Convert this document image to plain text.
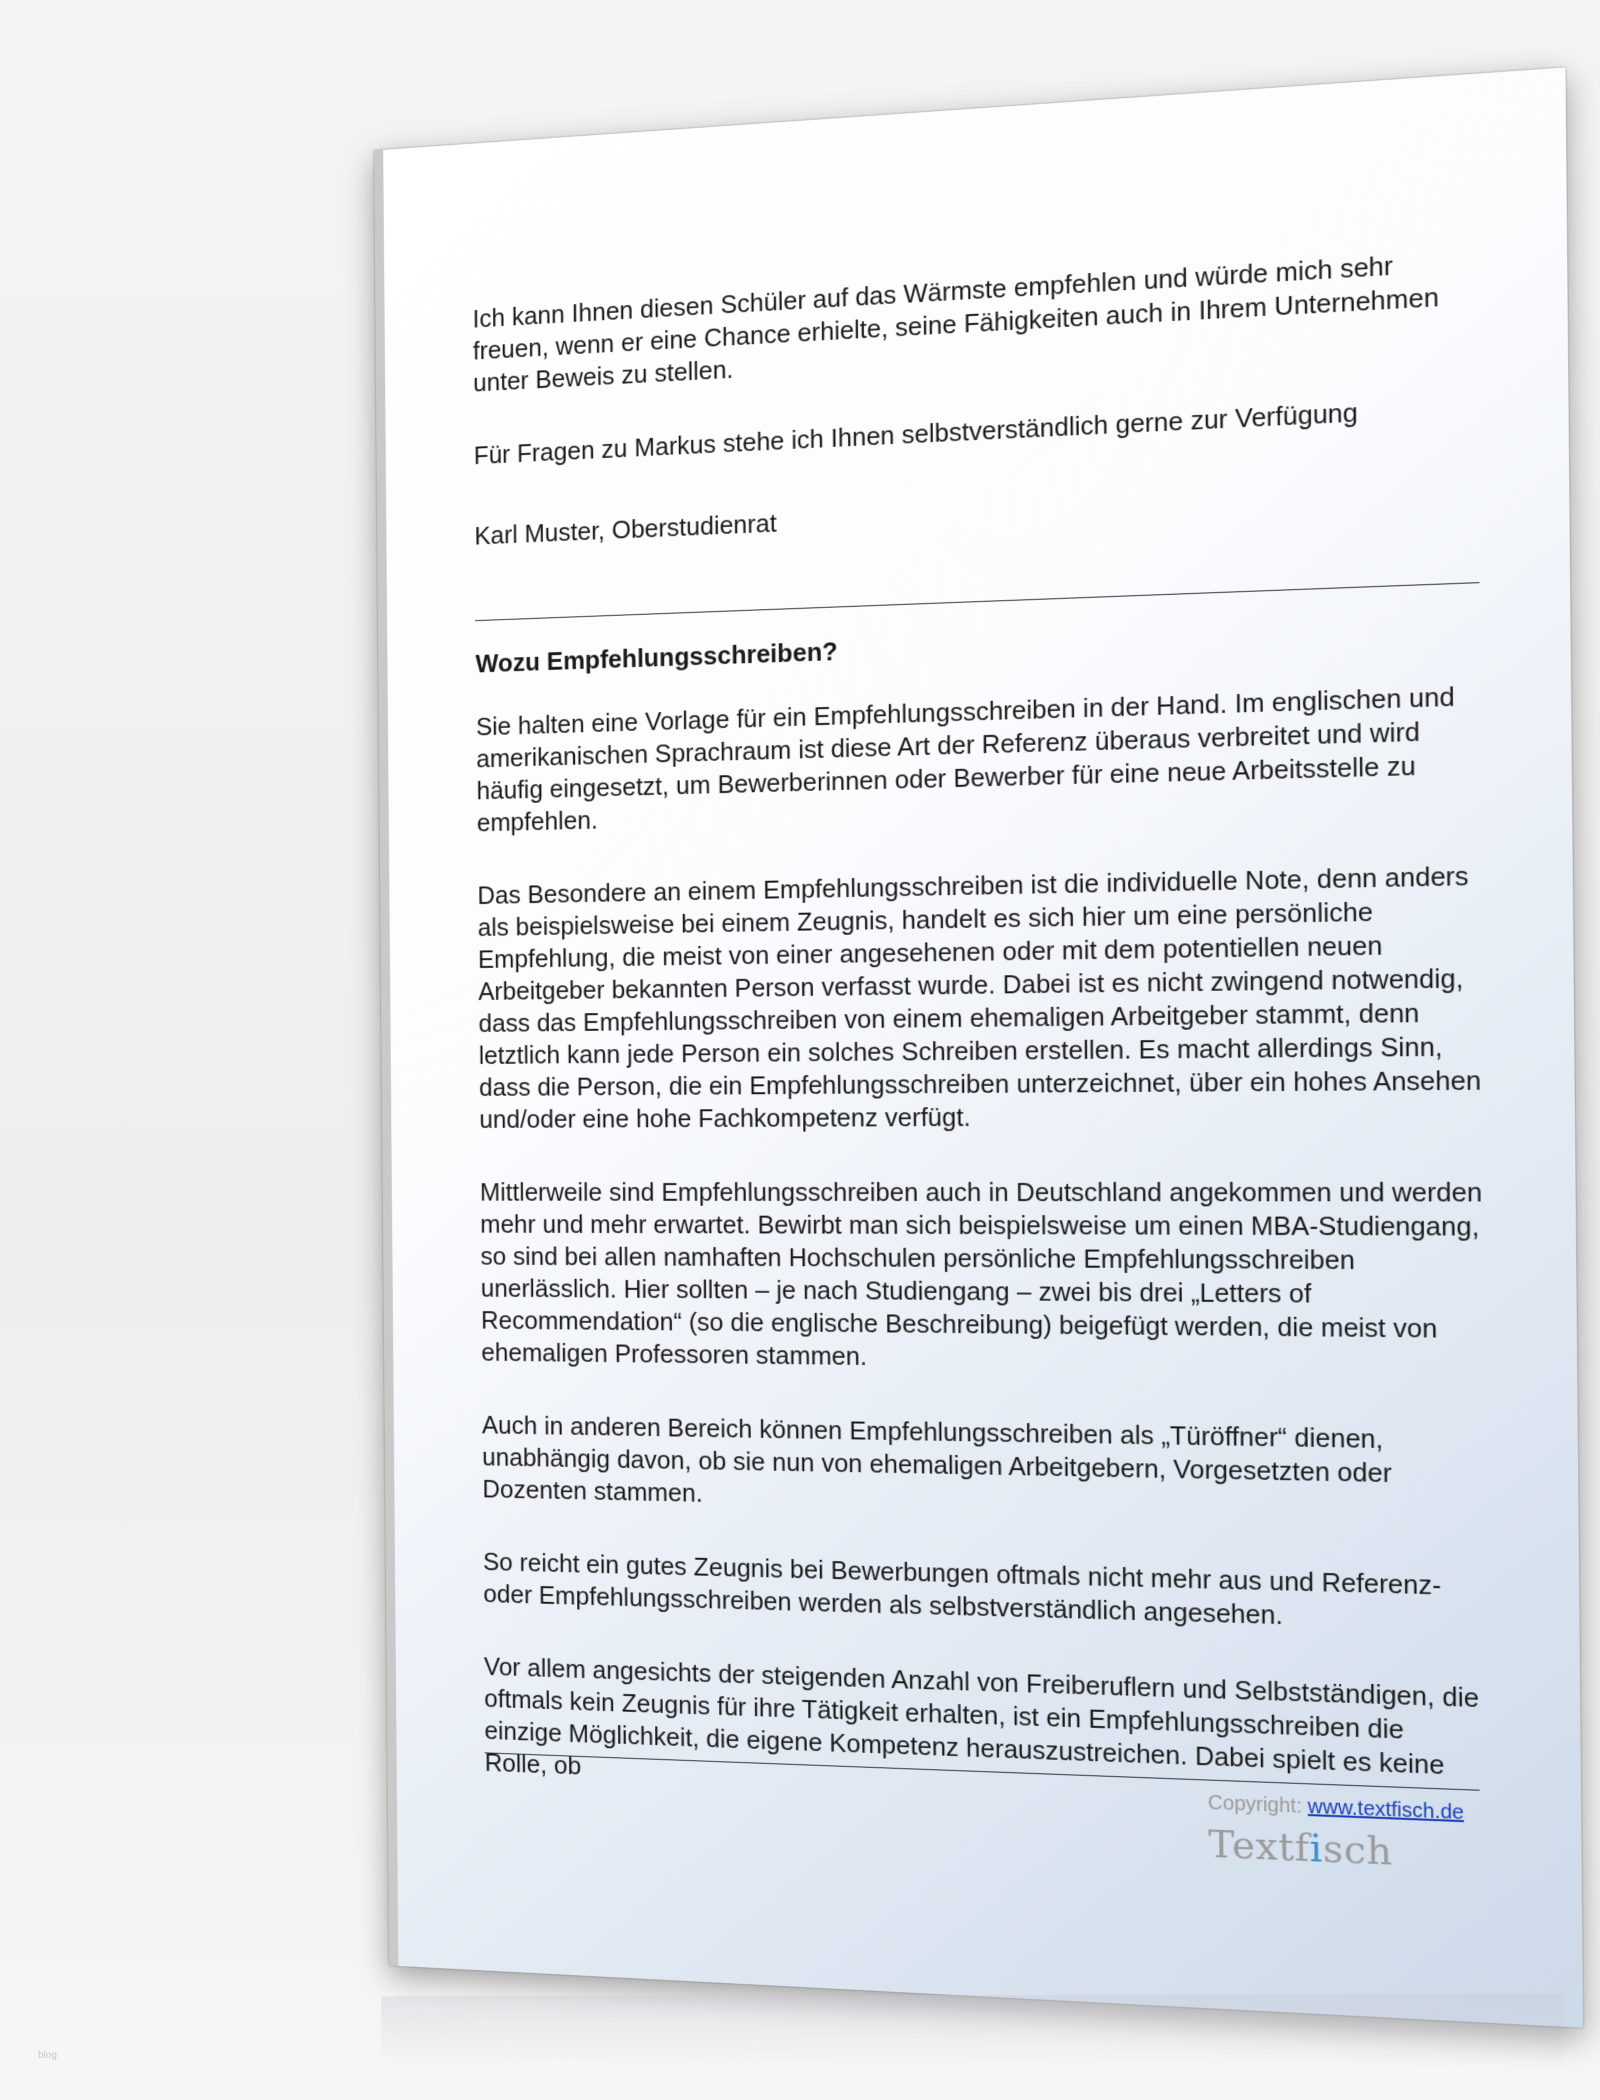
Ich kann Ihnen diesen Schüler auf das Wärmste empfehlen und würde mich sehr freuen, wenn er eine Chance erhielte, seine Fähigkeiten auch in Ihrem Unternehmen unter Beweis zu stellen.

Für Fragen zu Markus stehe ich Ihnen selbstverständlich gerne zur Verfügung

Karl Muster, Oberstudienrat

Wozu Empfehlungsschreiben?

Sie halten eine Vorlage für ein Empfehlungsschreiben in der Hand. Im englischen und amerikanischen Sprachraum ist diese Art der Referenz überaus verbreitet und wird häufig eingesetzt, um Bewerberinnen oder Bewerber für eine neue Arbeitsstelle zu empfehlen.

Das Besondere an einem Empfehlungsschreiben ist die individuelle Note, denn anders als beispielsweise bei einem Zeugnis, handelt es sich hier um eine persönliche Empfehlung, die meist von einer angesehenen oder mit dem potentiellen neuen Arbeitgeber bekannten Person verfasst wurde. Dabei ist es nicht zwingend notwendig, dass das Empfehlungsschreiben von einem ehemaligen Arbeitgeber stammt, denn letztlich kann jede Person ein solches Schreiben erstellen. Es macht allerdings Sinn, dass die Person, die ein Empfehlungsschreiben unterzeichnet, über ein hohes Ansehen und/oder eine hohe Fachkompetenz verfügt.

Mittlerweile sind Empfehlungsschreiben auch in Deutschland angekommen und werden mehr und mehr erwartet. Bewirbt man sich beispielsweise um einen MBA-Studiengang, so sind bei allen namhaften Hochschulen persönliche Empfehlungsschreiben unerlässlich. Hier sollten – je nach Studiengang – zwei bis drei „Letters of Recommendation“ (so die englische Beschreibung) beigefügt werden, die meist von ehemaligen Professoren stammen.

Auch in anderen Bereich können Empfehlungsschreiben als „Türöffner“ dienen, unabhängig davon, ob sie nun von ehemaligen Arbeitgebern, Vorgesetzten oder Dozenten stammen.

So reicht ein gutes Zeugnis bei Bewerbungen oftmals nicht mehr aus und Referenz- oder Empfehlungsschreiben werden als selbstverständlich angesehen.

Vor allem angesichts der steigenden Anzahl von Freiberuflern und Selbstständigen, die oftmals kein Zeugnis für ihre Tätigkeit erhalten, ist ein Empfehlungsschreiben die einzige Möglichkeit, die eigene Kompetenz herauszustreichen. Dabei spielt es keine Rolle, ob

Copyright: www.textfisch.de
Textfisch
blog
